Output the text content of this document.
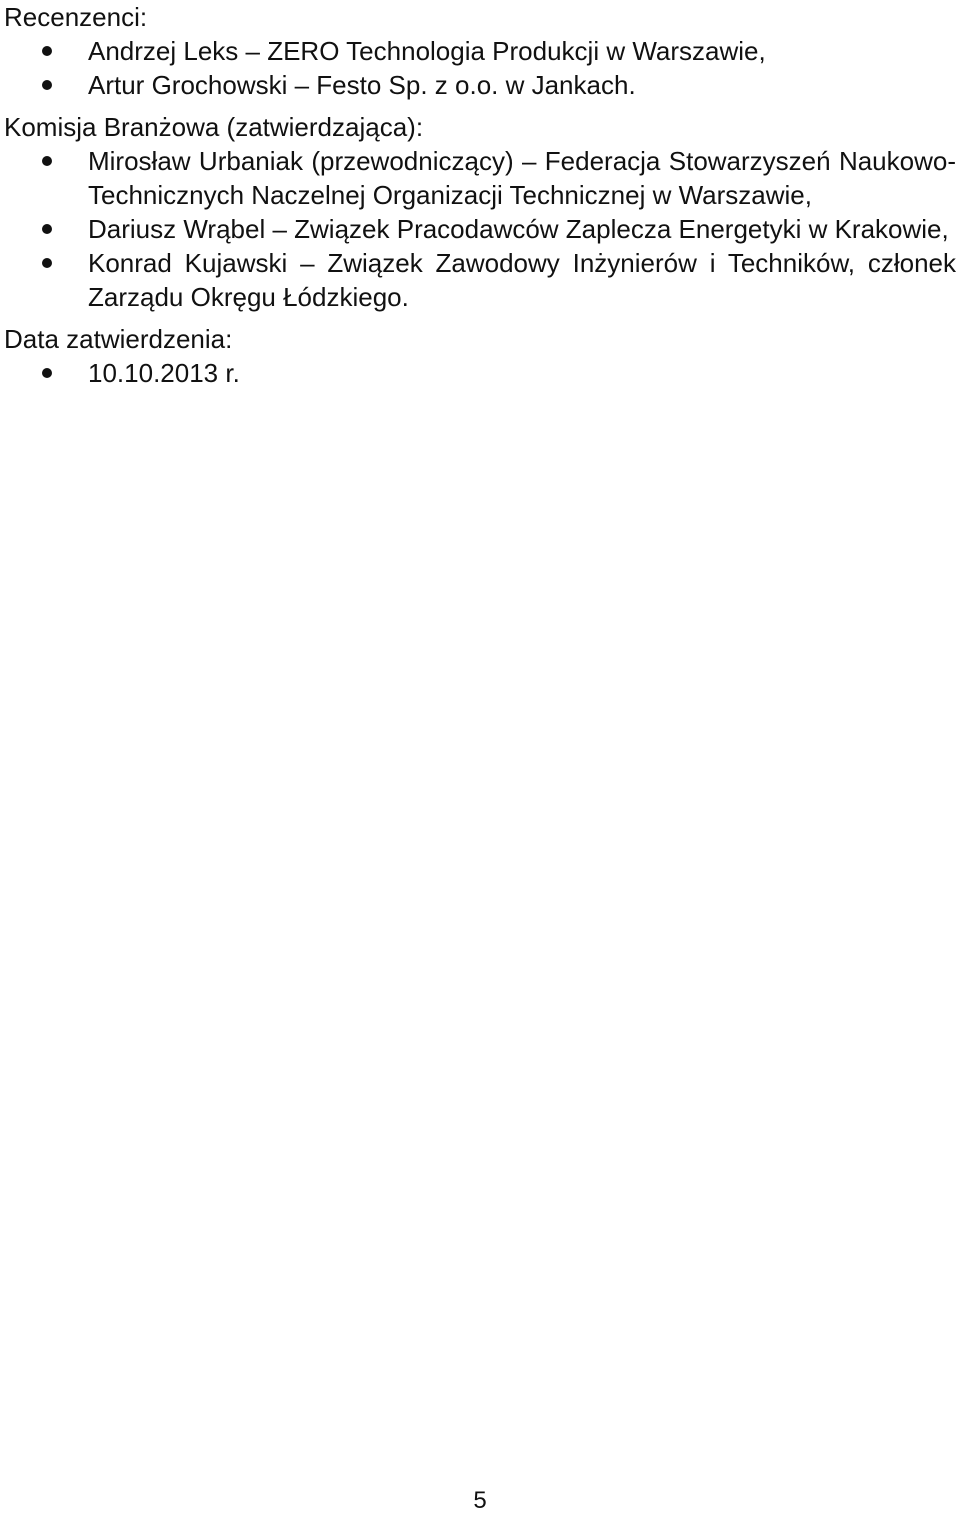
Recenzenci:

Andrzej Leks – ZERO Technologia Produkcji w Warszawie,
Artur Grochowski – Festo Sp. z o.o. w Jankach.

Komisja Branżowa (zatwierdzająca):

Mirosław Urbaniak (przewodniczący) – Federacja Stowarzyszeń Naukowo-Technicznych Naczelnej Organizacji Technicznej w Warszawie,
Dariusz Wrąbel – Związek Pracodawców Zaplecza Energetyki w Krakowie,
Konrad Kujawski – Związek Zawodowy Inżynierów i Techników, członek Zarządu Okręgu Łódzkiego.

Data zatwierdzenia:

10.10.2013 r.
5
